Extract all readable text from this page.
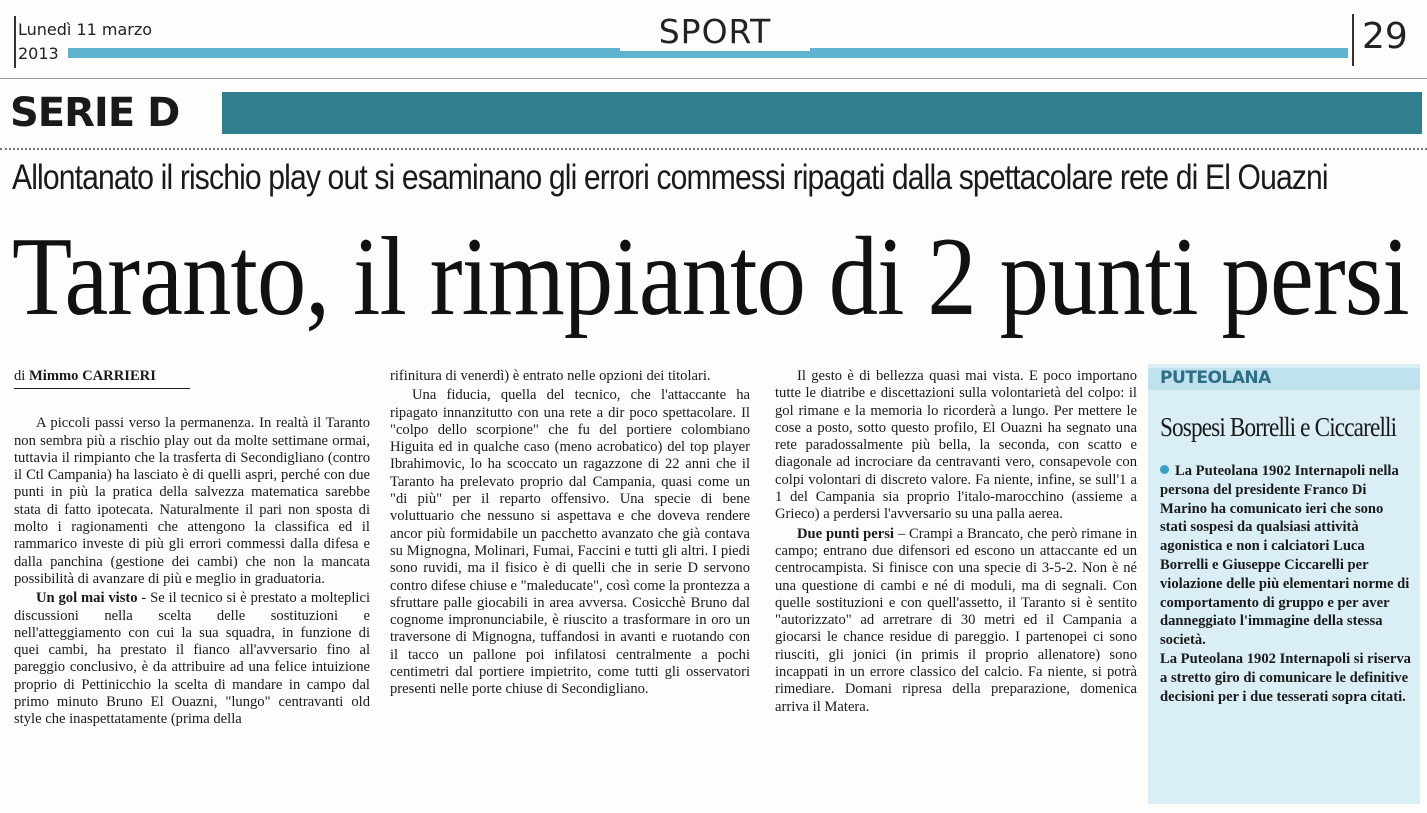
Lunedì 11 marzo
2013
SPORT	29
SERIE D
Allontanato il rischio play out si esaminano gli errori commessi ripagati dalla spettacolare rete di El Ouazni
Taranto, il rimpianto di 2 punti persi
di Mimmo CARRIERI

A piccoli passi verso la permanenza. In realtà il Taranto non sembra più a rischio play out da molte settimane ormai, tuttavia il rimpianto che la trasferta di Secondigliano (contro il Ctl Campania) ha lasciato è di quelli aspri, perché con due punti in più la pratica della salvezza matematica sarebbe stata di fatto ipotecata. Naturalmente il pari non sposta di molto i ragionamenti che attengono la classifica ed il rammarico investe di più gli errori commessi dalla difesa e dalla panchina (gestione dei cambi) che non la mancata possibilità di avanzare di più e meglio in graduatoria.

Un gol mai visto - Se il tecnico si è prestato a molteplici discussioni nella scelta delle sostituzioni e nell'atteggiamento con cui la sua squadra, in funzione di quei cambi, ha prestato il fianco all'avversario fino al pareggio conclusivo, è da attribuire ad una felice intuizione proprio di Pettinicchio la scelta di mandare in campo dal primo minuto Bruno El Ouazni, "lungo" centravanti old style che inaspettatamente (prima della

rifinitura di venerdì) è entrato nelle opzioni dei titolari.

Una fiducia, quella del tecnico, che l'attaccante ha ripagato innanzitutto con una rete a dir poco spettacolare. Il "colpo dello scorpione" che fu del portiere colombiano Higuita ed in qualche caso (meno acrobatico) del top player Ibrahimovic, lo ha scoccato un ragazzone di 22 anni che il Taranto ha prelevato proprio dal Campania, quasi come un "di più" per il reparto offensivo. Una specie di bene voluttuario che nessuno si aspettava e che doveva rendere ancor più formidabile un pacchetto avanzato che già contava su Mignogna, Molinari, Fumai, Faccini e tutti gli altri. I piedi sono ruvidi, ma il fisico è di quelli che in serie D servono contro difese chiuse e "maleducate", così come la prontezza a sfruttare palle giocabili in area avversa. Cosicchè Bruno dal cognome impronunciabile, è riuscito a trasformare in oro un traversone di Mignogna, tuffandosi in avanti e ruotando con il tacco un pallone poi infilatosi centralmente a pochi centimetri dal portiere impietrito, come tutti gli osservatori presenti nelle porte chiuse di Secondigliano.

Il gesto è di bellezza quasi mai vista. E poco importano tutte le diatribe e discettazioni sulla volontarietà del colpo: il gol rimane e la memoria lo ricorderà a lungo. Per mettere le cose a posto, sotto questo profilo, El Ouazni ha segnato una rete paradossalmente più bella, la seconda, con scatto e diagonale ad incrociare da centravanti vero, consapevole con colpi volontari di discreto valore. Fa niente, infine, se sull'1 a 1 del Campania sia proprio l'italo-marocchino (assieme a Grieco) a perdersi l'avversario su una palla aerea.

Due punti persi – Crampi a Brancato, che però rimane in campo; entrano due difensori ed escono un attaccante ed un centrocampista. Si finisce con una specie di 3-5-2. Non è né una questione di cambi e né di moduli, ma di segnali. Con quelle sostituzioni e con quell'assetto, il Taranto si è sentito "autorizzato" ad arretrare di 30 metri ed il Campania a giocarsi le chance residue di pareggio. I partenopei ci sono riusciti, gli jonici (in primis il proprio allenatore) sono incappati in un errore classico del calcio. Fa niente, si potrà rimediare. Domani ripresa della preparazione, domenica arriva il Matera.

PUTEOLANA
Sospesi Borrelli e Ciccarelli

La Puteolana 1902 Internapoli nella persona del presidente Franco Di Marino ha comunicato ieri che sono stati sospesi da qualsiasi attività agonistica e non i calciatori Luca Borrelli e Giuseppe Ciccarelli per violazione delle più elementari norme di comportamento di gruppo e per aver danneggiato l'immagine della stessa società.

La Puteolana 1902 Internapoli si riserva a stretto giro di comunicare le definitive decisioni per i due tesserati sopra citati.
